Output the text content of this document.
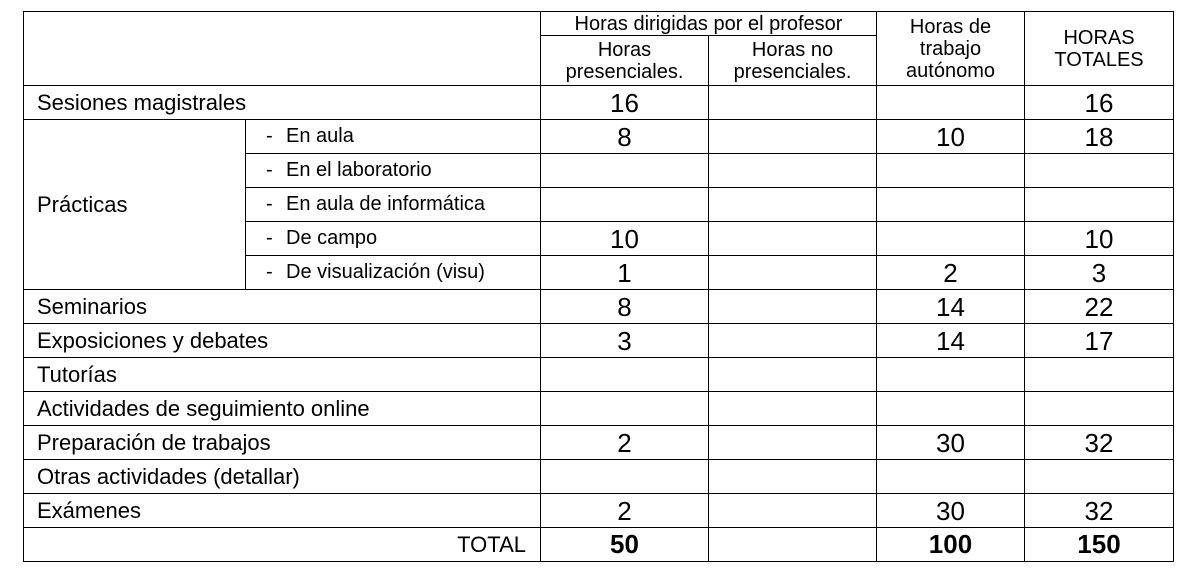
		Horas dirigidas por el profesor		Horas de trabajo autónomo	HORAS TOTALES
		Horas presenciales.	Horas no presenciales.		
Sesiones magistrales		16			16
Prácticas	- En aula	8		10	18
	- En el laboratorio				
	- En aula de informática				
	- De campo	10			10
	- De visualización (visu)	1		2	3
Seminarios		8		14	22
Exposiciones y debates		3		14	17
Tutorías					
Actividades de seguimiento online					
Preparación de trabajos		2		30	32
Otras actividades (detallar)					
Exámenes		2		30	32
TOTAL		50		100	150
